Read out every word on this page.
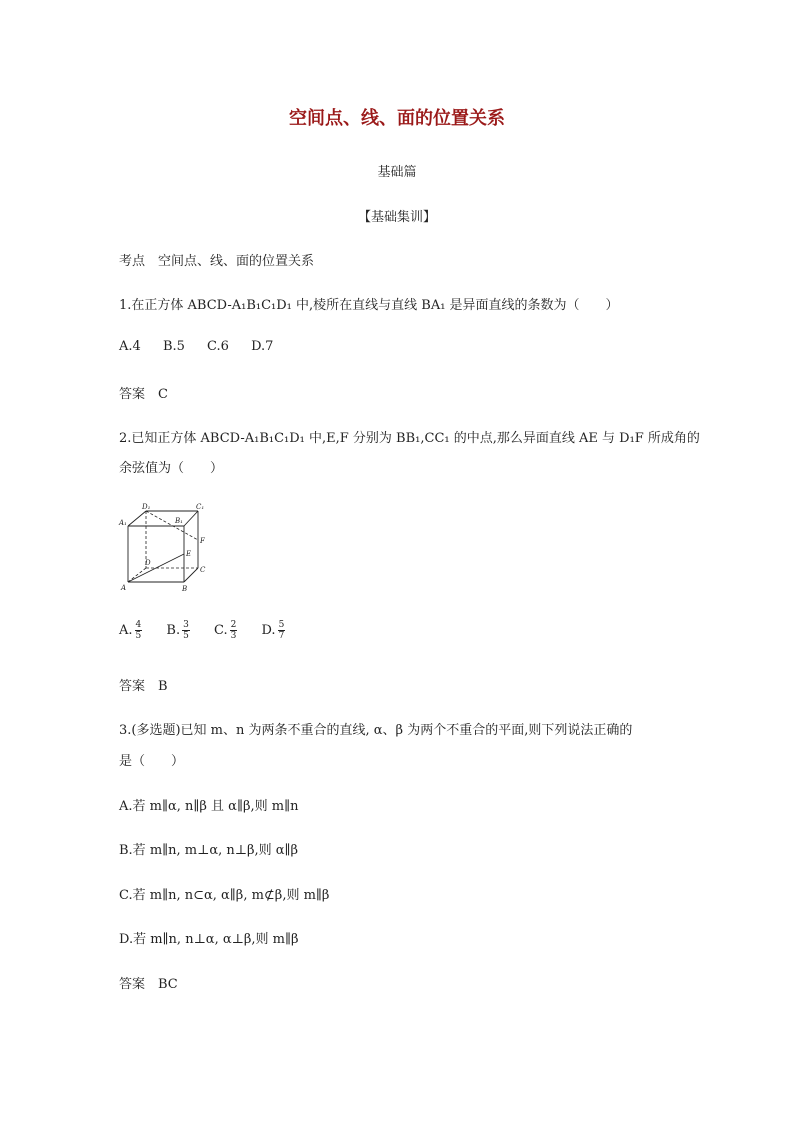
空间点、线、面的位置关系
基础篇
【基础集训】
考点　空间点、线、面的位置关系
1.在正方体 ABCD-A₁B₁C₁D₁ 中,棱所在直线与直线 BA₁ 是异面直线的条数为（　　）
A.4 B.5 C.6 D.7
答案　C
2.已知正方体 ABCD-A₁B₁C₁D₁ 中,E,F 分别为 BB₁,CC₁ 的中点,那么异面直线 AE 与 D₁F 所成角的
余弦值为（　　）
D₁	C₁
A₁	B₁
F
E
D
C
A	B
A. $\frac{4}{5} B$. $\frac{3}{5} C$. $\frac{2}{3} D$. $\frac{5}{7}$
答案　B
3.(多选题)已知 m、n 为两条不重合的直线, α、β 为两个不重合的平面,则下列说法正确的
是（　　）
A.若 m∥α, n∥β 且 α∥β,则 m∥n
B.若 m∥n, m⊥α, n⊥β,则 α∥β
C.若 m∥n, n⊂α, α∥β, m⊄β,则 m∥β
D.若 m∥n, n⊥α, α⊥β,则 m∥β
答案　BC
